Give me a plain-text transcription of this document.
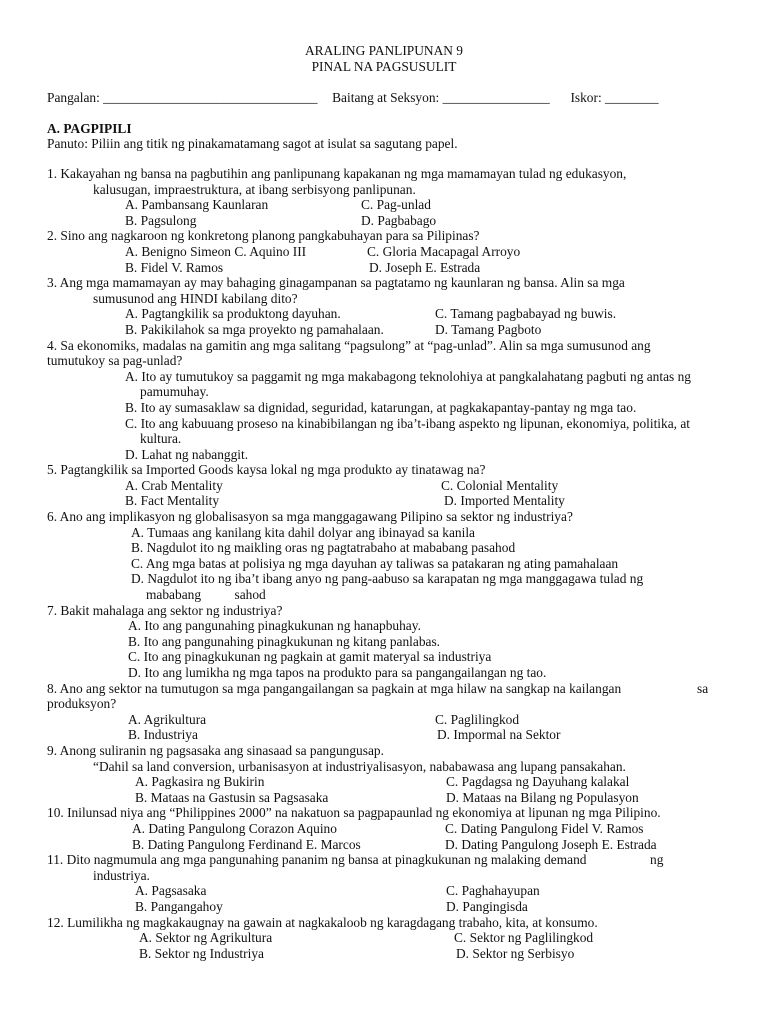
ARALING PANLIPUNAN 9
PINAL NA PAGSUSULIT
Pangalan: ________________________________ Baitang at Seksyon: ________________ Iskor: ________
A. PAGPIPILI
Panuto: Piliin ang titik ng pinakamatamang sagot at isulat sa sagutang papel.
1. Kakayahan ng bansa na pagbutihin ang panlipunang kapakanan ng mga mamamayan tulad ng edukasyon,
kalusugan, impraestruktura, at ibang serbisyong panlipunan.
A. Pambansang Kaunlaran	C. Pag-unlad
B. Pagsulong	D. Pagbabago
2. Sino ang nagkaroon ng konkretong planong pangkabuhayan para sa Pilipinas?
A. Benigno Simeon C. Aquino III	C. Gloria Macapagal Arroyo
B. Fidel V. Ramos	D. Joseph E. Estrada
3. Ang mga mamamayan ay may bahaging ginagampanan sa pagtatamo ng kaunlaran ng bansa. Alin sa mga
sumusunod ang HINDI kabilang dito?
A. Pagtangkilik sa produktong dayuhan.	C. Tamang pagbabayad ng buwis.
B. Pakikilahok sa mga proyekto ng pamahalaan.	D. Tamang Pagboto
4. Sa ekonomiks, madalas na gamitin ang mga salitang “pagsulong” at “pag-unlad”. Alin sa mga sumusunod ang
tumutukoy sa pag-unlad?
A. Ito ay tumutukoy sa paggamit ng mga makabagong teknolohiya at pangkalahatang pagbuti ng antas ng pamumuhay.
B. Ito ay sumasaklaw sa dignidad, seguridad, katarungan, at pagkakapantay-pantay ng mga tao.
C. Ito ang kabuuang proseso na kinabibilangan ng iba’t-ibang aspekto ng lipunan, ekonomiya, politika, at kultura.
D. Lahat ng nabanggit.
5. Pagtangkilik sa Imported Goods kaysa lokal ng mga produkto ay tinatawag na?
A. Crab Mentality	C. Colonial Mentality
B. Fact Mentality	D. Imported Mentality
6. Ano ang implikasyon ng globalisasyon sa mga manggagawang Pilipino sa sektor ng industriya?
A. Tumaas ang kanilang kita dahil dolyar ang ibinayad sa kanila
B. Nagdulot ito ng maikling oras ng pagtatrabaho at mababang pasahod
C. Ang mga batas at polisiya ng mga dayuhan ay taliwas sa patakaran ng ating pamahalaan
D. Nagdulot ito ng iba’t ibang anyo ng pang-aabuso sa karapatan ng mga manggagawa tulad ng mababang          sahod
7. Bakit mahalaga ang sektor ng industriya?
A. Ito ang pangunahing pinagkukunan ng hanapbuhay.
B. Ito ang pangunahing pinagkukunan ng kitang panlabas.
C. Ito ang pinagkukunan ng pagkain at gamit materyal sa industriya
D. Ito ang lumikha ng mga tapos na produkto para sa pangangailangan ng tao.
8. Ano ang sektor na tumutugon sa mga pangangailangan sa pagkain at mga hilaw na sangkap na kailangan	sa
produksyon?
A. Agrikultura	C. Paglilingkod
B. Industriya	D. Impormal na Sektor
9. Anong suliranin ng pagsasaka ang sinasaad sa pangungusap.
“Dahil sa land conversion, urbanisasyon at industriyalisasyon, nababawasa ang lupang pansakahan.
A. Pagkasira ng Bukirin	C. Pagdagsa ng Dayuhang kalakal
B. Mataas na Gastusin sa Pagsasaka	D. Mataas na Bilang ng Populasyon
10. Inilunsad niya ang “Philippines 2000” na nakatuon sa pagpapaunlad ng ekonomiya at lipunan ng mga Pilipino.
A. Dating Pangulong Corazon Aquino	C. Dating Pangulong Fidel V. Ramos
B. Dating Pangulong Ferdinand E. Marcos	D. Dating Pangulong Joseph E. Estrada
11. Dito nagmumula ang mga pangunahing pananim ng bansa at pinagkukunan ng malaking demand	ng
industriya.
A. Pagsasaka	C. Paghahayupan
B. Pangangahoy	D. Pangingisda
12. Lumilikha ng magkakaugnay na gawain at nagkakaloob ng karagdagang trabaho, kita, at konsumo.
A. Sektor ng Agrikultura	C. Sektor ng Paglilingkod
B. Sektor ng Industriya	D. Sektor ng Serbisyo
